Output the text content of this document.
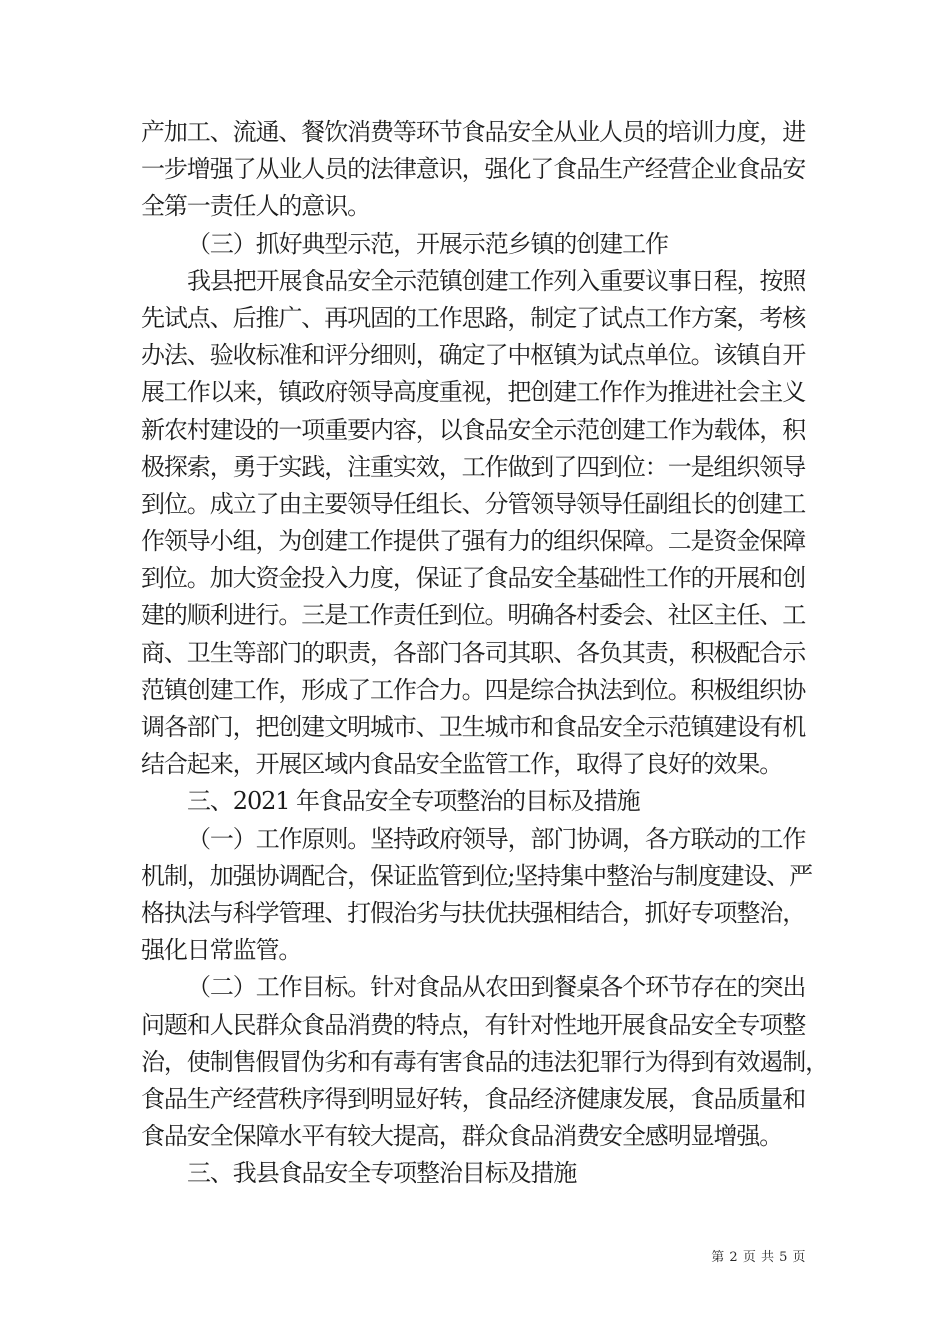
产加工、流通、餐饮消费等环节食品安全从业人员的培训力度，进
一步增强了从业人员的法律意识，强化了食品生产经营企业食品安
全第一责任人的意识。
（三）抓好典型示范，开展示范乡镇的创建工作
我县把开展食品安全示范镇创建工作列入重要议事日程，按照
先试点、后推广、再巩固的工作思路，制定了试点工作方案，考核
办法、验收标准和评分细则，确定了中枢镇为试点单位。该镇自开
展工作以来，镇政府领导高度重视，把创建工作作为推进社会主义
新农村建设的一项重要内容，以食品安全示范创建工作为载体，积
极探索，勇于实践，注重实效，工作做到了四到位：一是组织领导
到位。成立了由主要领导任组长、分管领导领导任副组长的创建工
作领导小组，为创建工作提供了强有力的组织保障。二是资金保障
到位。加大资金投入力度，保证了食品安全基础性工作的开展和创
建的顺利进行。三是工作责任到位。明确各村委会、社区主任、工
商、卫生等部门的职责，各部门各司其职、各负其责，积极配合示
范镇创建工作，形成了工作合力。四是综合执法到位。积极组织协
调各部门，把创建文明城市、卫生城市和食品安全示范镇建设有机
结合起来，开展区域内食品安全监管工作，取得了良好的效果。
三、2021 年食品安全专项整治的目标及措施
（一）工作原则。坚持政府领导，部门协调，各方联动的工作
机制，加强协调配合，保证监管到位;坚持集中整治与制度建设、严
格执法与科学管理、打假治劣与扶优扶强相结合，抓好专项整治，
强化日常监管。
（二）工作目标。针对食品从农田到餐桌各个环节存在的突出
问题和人民群众食品消费的特点，有针对性地开展食品安全专项整
治，使制售假冒伪劣和有毒有害食品的违法犯罪行为得到有效遏制，
食品生产经营秩序得到明显好转，食品经济健康发展，食品质量和
食品安全保障水平有较大提高，群众食品消费安全感明显增强。
三、我县食品安全专项整治目标及措施
第 2 页 共 5 页
